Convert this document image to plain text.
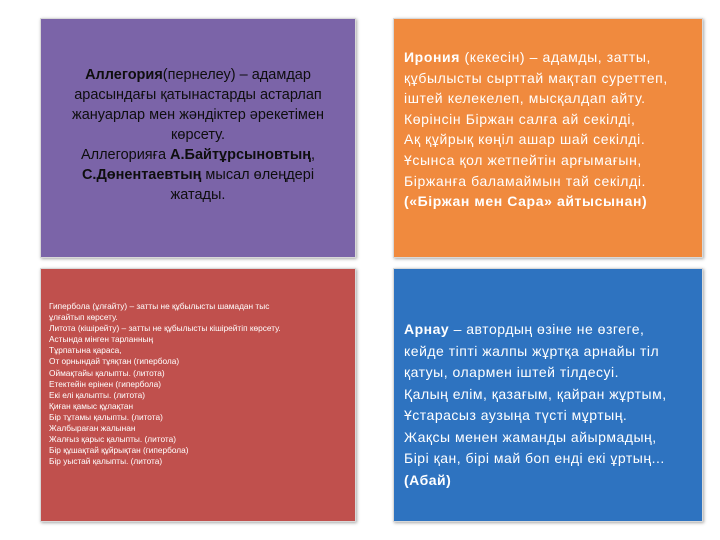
Аллегория(пернелеу) – адамдар
арасындағы қатынастарды астарлап
жануарлар мен жәндіктер әрекетімен
көрсету.
Аллегорияға А.Байтұрсыновтың,
С.Дөнентаевтың мысал өлеңдері
жатады.
Ирония (кекесін) – адамды, затты,
құбылысты сырттай мақтап суреттеп,
іштей келекелеп, мысқалдап айту.
Көрінсін Біржан салға ай секілді,
Ақ құйрық көңіл ашар шай секілді.
Ұсынса қол жетпейтін арғымағын,
Біржанға баламаймын тай секілді.
(«Біржан мен Сара» айтысынан)
Гипербола (ұлғайту) – затты не құбылысты шамадан тыс
ұлғайтып көрсету.
Литота (кішірейту) – затты не құбылысты кішірейтіп көрсету.
Астында мінген тарланның
Тұрпатына қараса,
От орнындай тұяқтан (гипербола)
Оймақтайы қалыпты. (литота)
Етектейін ерінен (гипербола)
Екі елі қалыпты. (литота)
Қиған қамыс құлақтан
Бір тұтамы қалыпты. (литота)
Жалбыраған жалынан
Жалғыз қарыс қалыпты. (литота)
Бір құшақтай құйрықтан (гипербола)
Бір уыстай қалыпты. (литота)
Арнау – автордың өзіне не өзгеге,
кейде тіпті жалпы жұртқа арнайы тіл
қатуы, олармен іштей тілдесуі.
Қалың елім, қазағым, қайран жұртым,
Ұстарасыз аузыңа түсті мұртың.
Жақсы менен жаманды айырмадың,
Бірі қан, бірі май боп енді екі ұртың...
(Абай)
